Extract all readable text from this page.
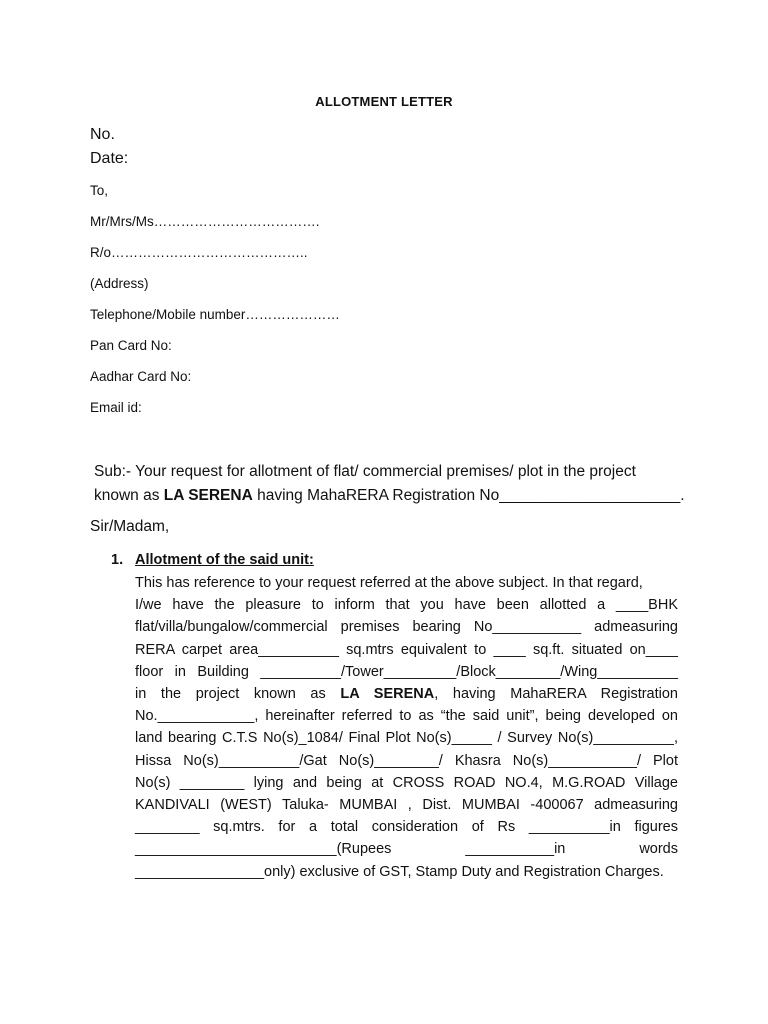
ALLOTMENT LETTER
No.
Date:
To,
Mr/Mrs/Ms……………………………….
R/o……………………………………..
(Address)
Telephone/Mobile number…………………
Pan Card No:
Aadhar Card No:
Email id:
Sub:- Your request for allotment of flat/ commercial premises/ plot in the project
known as LA SERENA having MahaRERA Registration No_____________________.
Sir/Madam,
1. Allotment of the said unit:
This has reference to your request referred at the above subject. In that regard,
I/we have the pleasure to inform that you have been allotted a ____BHK
flat/villa/bungalow/commercial premises bearing No___________ admeasuring
RERA carpet area__________ sq.mtrs equivalent to ____ sq.ft. situated on____
floor in Building __________/Tower_________/Block________/Wing__________
in the project known as LA SERENA, having MahaRERA Registration
No.____________, hereinafter referred to as “the said unit”, being developed on
land bearing C.T.S No(s)_1084/ Final Plot No(s)_____ / Survey No(s)__________,
Hissa No(s)__________/Gat No(s)________/ Khasra No(s)___________/ Plot
No(s) ________ lying and being at CROSS ROAD NO.4, M.G.ROAD Village
KANDIVALI (WEST) Taluka- MUMBAI , Dist. MUMBAI -400067 admeasuring
________ sq.mtrs. for a total consideration of Rs __________in figures
_________________________(Rupees ___________in words
________________only) exclusive of GST, Stamp Duty and Registration Charges.
